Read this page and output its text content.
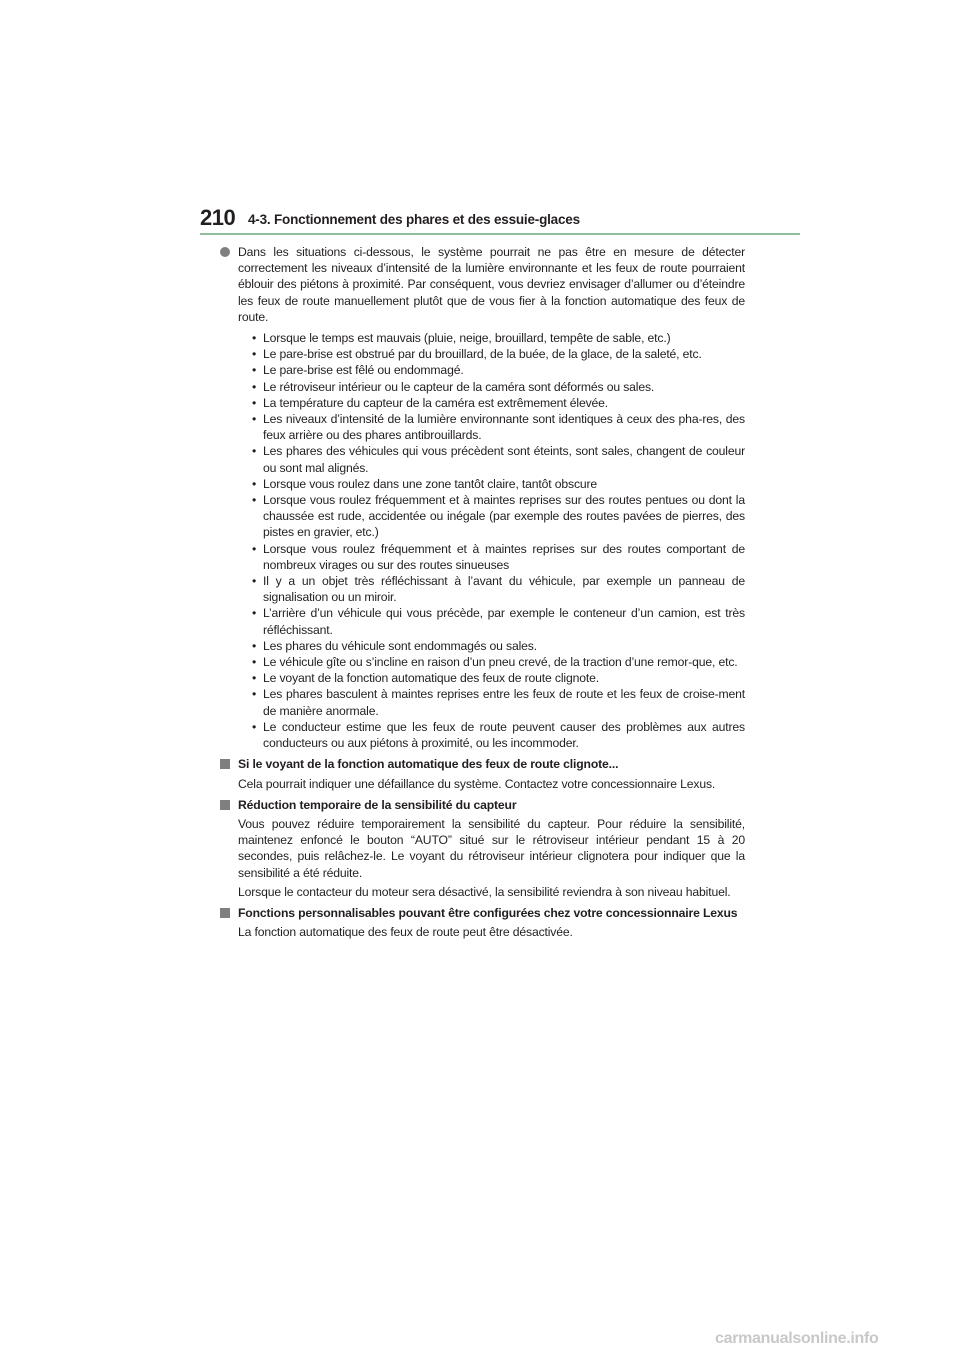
210 4-3. Fonctionnement des phares et des essuie-glaces

Dans les situations ci-dessous, le système pourrait ne pas être en mesure de détecter correctement les niveaux d’intensité de la lumière environnante et les feux de route pourraient éblouir des piétons à proximité. Par conséquent, vous devriez envisager d’allumer ou d’éteindre les feux de route manuellement plutôt que de vous fier à la fonction automatique des feux de route.

• Lorsque le temps est mauvais (pluie, neige, brouillard, tempête de sable, etc.)
• Le pare-brise est obstrué par du brouillard, de la buée, de la glace, de la saleté, etc.
• Le pare-brise est fêlé ou endommagé.
• Le rétroviseur intérieur ou le capteur de la caméra sont déformés ou sales.
• La température du capteur de la caméra est extrêmement élevée.
• Les niveaux d’intensité de la lumière environnante sont identiques à ceux des pha-res, des feux arrière ou des phares antibrouillards.
• Les phares des véhicules qui vous précèdent sont éteints, sont sales, changent de couleur ou sont mal alignés.
• Lorsque vous roulez dans une zone tantôt claire, tantôt obscure
• Lorsque vous roulez fréquemment et à maintes reprises sur des routes pentues ou dont la chaussée est rude, accidentée ou inégale (par exemple des routes pavées de pierres, des pistes en gravier, etc.)
• Lorsque vous roulez fréquemment et à maintes reprises sur des routes comportant de nombreux virages ou sur des routes sinueuses
• Il y a un objet très réfléchissant à l’avant du véhicule, par exemple un panneau de signalisation ou un miroir.
• L’arrière d’un véhicule qui vous précède, par exemple le conteneur d’un camion, est très réfléchissant.
• Les phares du véhicule sont endommagés ou sales.
• Le véhicule gîte ou s’incline en raison d’un pneu crevé, de la traction d’une remor-que, etc.
• Le voyant de la fonction automatique des feux de route clignote.
• Les phares basculent à maintes reprises entre les feux de route et les feux de croise-ment de manière anormale.
• Le conducteur estime que les feux de route peuvent causer des problèmes aux autres conducteurs ou aux piétons à proximité, ou les incommoder.

Si le voyant de la fonction automatique des feux de route clignote...

Cela pourrait indiquer une défaillance du système. Contactez votre concessionnaire Lexus.

Réduction temporaire de la sensibilité du capteur

Vous pouvez réduire temporairement la sensibilité du capteur. Pour réduire la sensibilité, maintenez enfoncé le bouton “AUTO” situé sur le rétroviseur intérieur pendant 15 à 20 secondes, puis relâchez-le. Le voyant du rétroviseur intérieur clignotera pour indiquer que la sensibilité a été réduite.

Lorsque le contacteur du moteur sera désactivé, la sensibilité reviendra à son niveau habituel.

Fonctions personnalisables pouvant être configurées chez votre concessionnaire Lexus

La fonction automatique des feux de route peut être désactivée.

carmanualsonline.info
